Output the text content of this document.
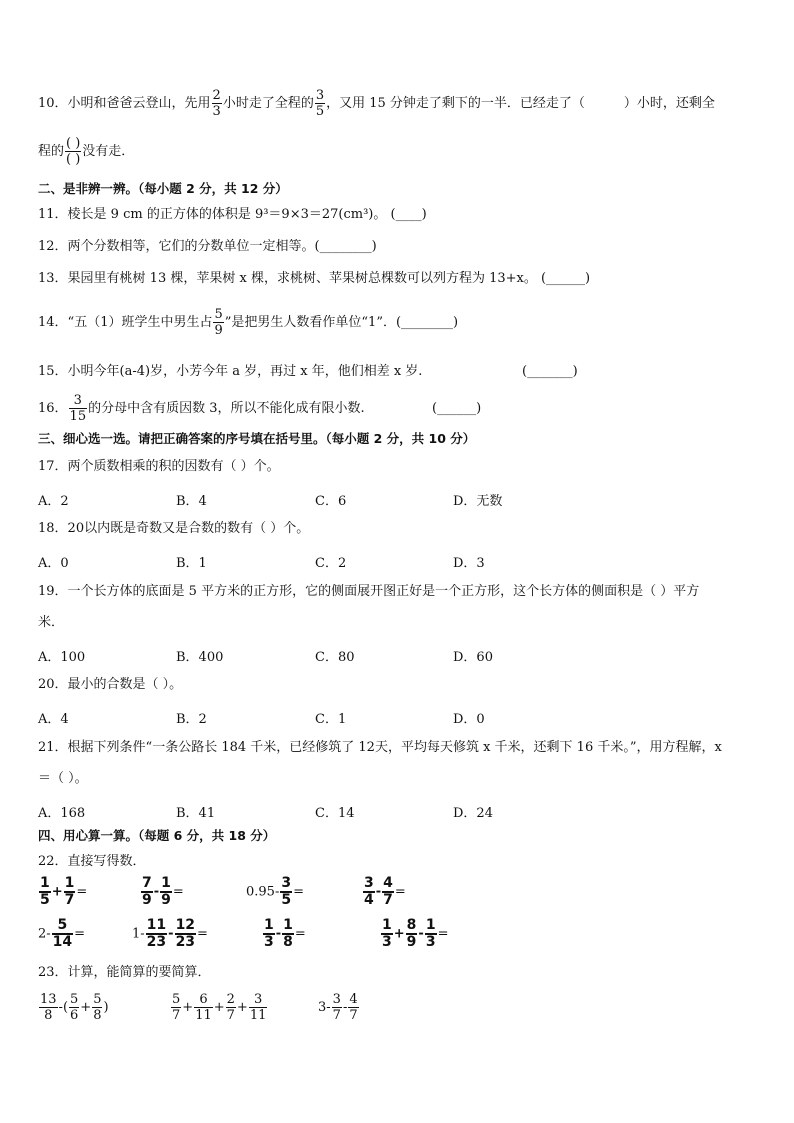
10．小明和爸爸云登山，先用 $\frac{2}{3}$ 小时走了全程的 $\frac{3}{5}$ ，又用 15 分钟走了剩下的一半．已经走了（　　　）小时，还剩全
程的 $\frac{( )}{( )}$ 没有走．
二、是非辨一辨。（每小题 2 分，共 12 分）
11．棱长是 9 cm 的正方体的体积是 9³＝9×3＝27(cm³)。 (____)
12．两个分数相等，它们的分数单位一定相等。(________)
13．果园里有桃树 13 棵，苹果树 x 棵，求桃树、苹果树总棵数可以列方程为 13+x。 (______)
14．“五（1）班学生中男生占 $\frac{5}{9}$ ”是把男生人数看作单位“1”．(________)
15．小明今年(a-4)岁，小芳今年 a 岁，再过 x 年，他们相差 x 岁.	(_______)
16． $\frac{3}{15}$ 的分母中含有质因数 3，所以不能化成有限小数.	(______)
三、细心选一选。请把正确答案的序号填在括号里。（每小题 2 分，共 10 分）
17．两个质数相乘的积的因数有（ ）个。
A．2	B．4	C．6	D．无数
18．20以内既是奇数又是合数的数有（ ）个。
A．0	B．1	C．2	D．3
19．一个长方体的底面是 5 平方米的正方形，它的侧面展开图正好是一个正方形，这个长方体的侧面积是（ ）平方
米．
A．100	B．400	C．80	D．60
20．最小的合数是（ ）。
A．4	B．2	C．1	D．0
21．根据下列条件“一条公路长 184 千米，已经修筑了 12天，平均每天修筑 x 千米，还剩下 16 千米。”，用方程解，x
＝（ ）。
A．168	B．41	C．14	D．24
四、用心算一算。（每题 6 分，共 18 分）
22．直接写得数．
$\frac{1}{5} + \frac{1}{7}$ =	$\frac{7}{9} - \frac{1}{9}$ =	$0.95- \frac{3}{5}$ =	$\frac{3}{4} - \frac{4}{7}$ =
$2- \frac{5}{14}$ =	$1- \frac{11}{23} - \frac{12}{23}$ =	$\frac{1}{3} - \frac{1}{8}$ =	$\frac{1}{3} + \frac{8}{9} - \frac{1}{3}$ =
23．计算，能简算的要简算．
$\frac{13}{8}$ -( $\frac{5}{6} + \frac{5}{8}$ )	$\frac{5}{7} + \frac{6}{11} + \frac{2}{7} + \frac{3}{11}$	$3- \frac{3}{7} - \frac{4}{7}$
